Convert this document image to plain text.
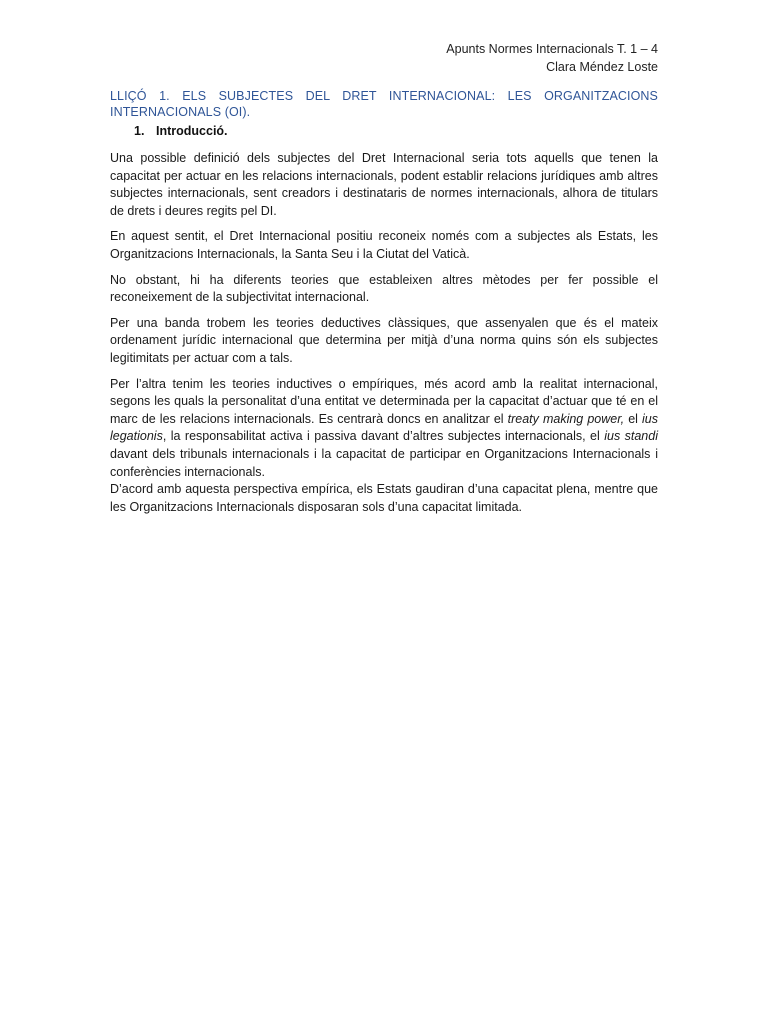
Apunts Normes Internacionals T. 1 – 4
Clara Méndez Loste
LLIÇÓ 1. ELS SUBJECTES DEL DRET INTERNACIONAL: LES ORGANITZACIONS INTERNACIONALS (OI).
1. Introducció.

Una possible definició dels subjectes del Dret Internacional seria tots aquells que tenen la capacitat per actuar en les relacions internacionals, podent establir relacions jurídiques amb altres subjectes internacionals, sent creadors i destinataris de normes internacionals, alhora de titulars de drets i deures regits pel DI.

En aquest sentit, el Dret Internacional positiu reconeix només com a subjectes als Estats, les Organitzacions Internacionals, la Santa Seu i la Ciutat del Vaticà.

No obstant, hi ha diferents teories que estableixen altres mètodes per fer possible el reconeixement de la subjectivitat internacional.

Per una banda trobem les teories deductives clàssiques, que assenyalen que és el mateix ordenament jurídic internacional que determina per mitjà d’una norma quins són els subjectes legitimitats per actuar com a tals.

Per l’altra tenim les teories inductives o empíriques, més acord amb la realitat internacional, segons les quals la personalitat d’una entitat ve determinada per la capacitat d’actuar que té en el marc de les relacions internacionals. Es centrarà doncs en analitzar el treaty making power, el ius legationis, la responsabilitat activa i passiva davant d’altres subjectes internacionals, el ius standi davant dels tribunals internacionals i la capacitat de participar en Organitzacions Internacionals i conferències internacionals.
D’acord amb aquesta perspectiva empírica, els Estats gaudiran d’una capacitat plena, mentre que les Organitzacions Internacionals disposaran sols d’una capacitat limitada.
